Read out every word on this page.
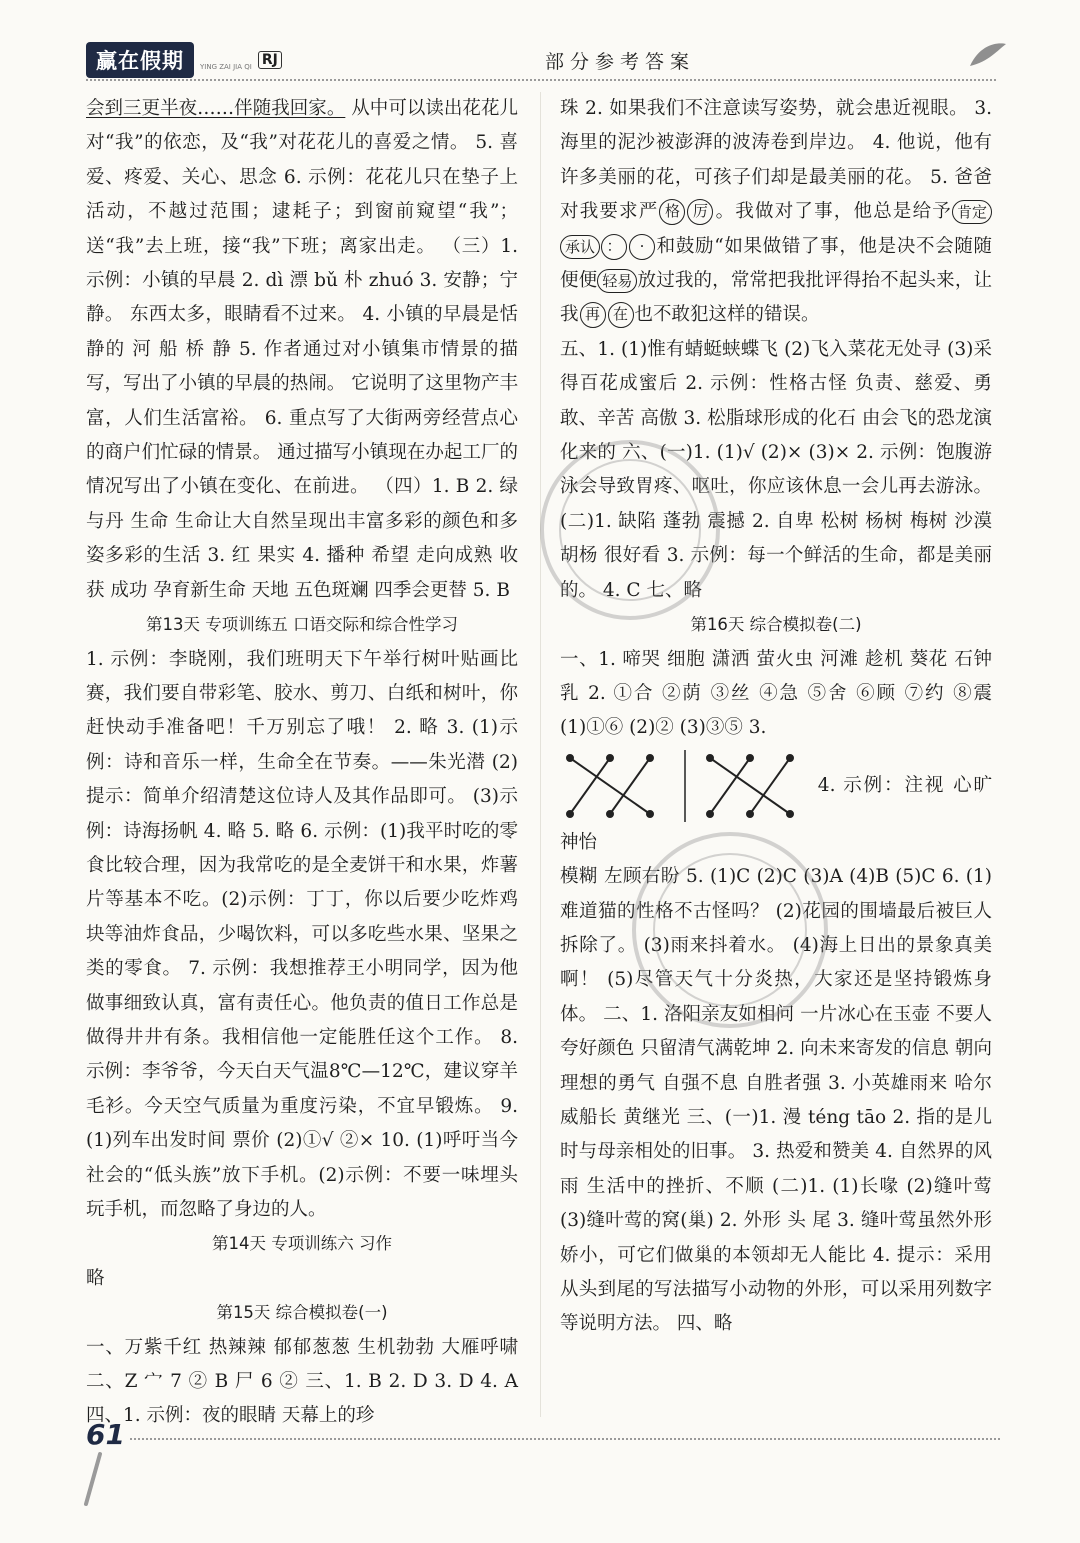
赢在假期	YING ZAI JIA QI RJ	部分参考答案

会到三更半夜……伴随我回家。 从中可以读出花花儿对“我”的依恋，及“我”对花花儿的喜爱之情。 5. 喜爱、疼爱、关心、思念 6. 示例：花花儿只在垫子上活动，不越过范围；逮耗子；到窗前窥望“我”；送“我”去上班，接“我”下班；离家出走。 （三）1. 示例：小镇的早晨 2. dì 漂 bǔ 朴 zhuó 3. 安静；宁静。 东西太多，眼睛看不过来。 4. 小镇的早晨是恬静的 河 船 桥 静 5. 作者通过对小镇集市情景的描写，写出了小镇的早晨的热闹。 它说明了这里物产丰富，人们生活富裕。 6. 重点写了大街两旁经营点心的商户们忙碌的情景。 通过描写小镇现在办起工厂的情况写出了小镇在变化、在前进。 （四）1. B 2. 绿与丹 生命 生命让大自然呈现出丰富多彩的颜色和多姿多彩的生活 3. 红 果实 4. 播种 希望 走向成熟 收获 成功 孕育新生命 天地 五色斑斓 四季会更替 5. B

第13天 专项训练五 口语交际和综合性学习

1. 示例：李晓刚，我们班明天下午举行树叶贴画比赛，我们要自带彩笔、胶水、剪刀、白纸和树叶，你赶快动手准备吧！千万别忘了哦！ 2. 略 3. (1)示例：诗和音乐一样，生命全在节奏。——朱光潜 (2)提示：简单介绍清楚这位诗人及其作品即可。 (3)示例：诗海扬帆 4. 略 5. 略 6. 示例：(1)我平时吃的零食比较合理，因为我常吃的是全麦饼干和水果，炸薯片等基本不吃。(2)示例：丁丁，你以后要少吃炸鸡块等油炸食品，少喝饮料，可以多吃些水果、坚果之类的零食。 7. 示例：我想推荐王小明同学，因为他做事细致认真，富有责任心。他负责的值日工作总是做得井井有条。我相信他一定能胜任这个工作。 8. 示例：李爷爷，今天白天气温8℃—12℃，建议穿羊毛衫。今天空气质量为重度污染，不宜早锻炼。 9. (1)列车出发时间 票价 (2)①√ ②× 10. (1)呼吁当今社会的“低头族”放下手机。(2)示例：不要一味埋头玩手机，而忽略了身边的人。

第14天 专项训练六 习作

略

第15天 综合模拟卷(一)

一、万紫千红 热辣辣 郁郁葱葱 生机勃勃 大雁呼啸 二、Z 宀 7 ② B 尸 6 ② 三、1. B 2. D 3. D 4. A 四、1. 示例：夜的眼睛 天幕上的珍

珠 2. 如果我们不注意读写姿势，就会患近视眼。 3. 海里的泥沙被澎湃的波涛卷到岸边。 4. 他说，他有许多美丽的花，可孩子们却是最美丽的花。 5. 爸爸对我要求严 格 厉 。我做对了事，他总是给予 肯定承认 ： · 和鼓励“如果做错了事，他是决不会随随便便 轻易 放过我的，常常把我批评得抬不起头来，让我 再 在 也不敢犯这样的错误。

五、1. (1)惟有蜻蜓蛱蝶飞 (2)飞入菜花无处寻 (3)采得百花成蜜后 2. 示例：性格古怪 负责、慈爱、勇敢、辛苦 高傲 3. 松脂球形成的化石 由会飞的恐龙演化来的 六、(一)1. (1)√ (2)× (3)× 2. 示例：饱腹游泳会导致胃疼、呕吐，你应该休息一会儿再去游泳。 (二)1. 缺陷 蓬勃 震撼 2. 自卑 松树 杨树 梅树 沙漠胡杨 很好看 3. 示例：每一个鲜活的生命，都是美丽的。 4. C 七、略

第16天 综合模拟卷(二)

一、1. 啼哭 细胞 潇洒 萤火虫 河滩 趁机 葵花 石钟乳 2. ①合 ②荫 ③丝 ④急 ⑤舍 ⑥顾 ⑦约 ⑧震 (1)①⑥ (2)② (3)③⑤ 3.

4. 示例：注视 心旷神怡

模糊 左顾右盼 5. (1)C (2)C (3)A (4)B (5)C 6. (1)难道猫的性格不古怪吗？ (2)花园的围墙最后被巨人拆除了。 (3)雨来抖着水。 (4)海上日出的景象真美啊！ (5)尽管天气十分炎热，大家还是坚持锻炼身体。 二、1. 洛阳亲友如相问 一片冰心在玉壶 不要人夸好颜色 只留清气满乾坤 2. 向未来寄发的信息 朝向理想的勇气 自强不息 自胜者强 3. 小英雄雨来 哈尔威船长 黄继光 三、(一)1. 漫 téng tāo 2. 指的是儿时与母亲相处的旧事。 3. 热爱和赞美 4. 自然界的风雨 生活中的挫折、不顺 (二)1. (1)长喙 (2)缝叶莺 (3)缝叶莺的窝(巢) 2. 外形 头 尾 3. 缝叶莺虽然外形娇小，可它们做巢的本领却无人能比 4. 提示：采用从头到尾的写法描写小动物的外形，可以采用列数字等说明方法。 四、略

61
